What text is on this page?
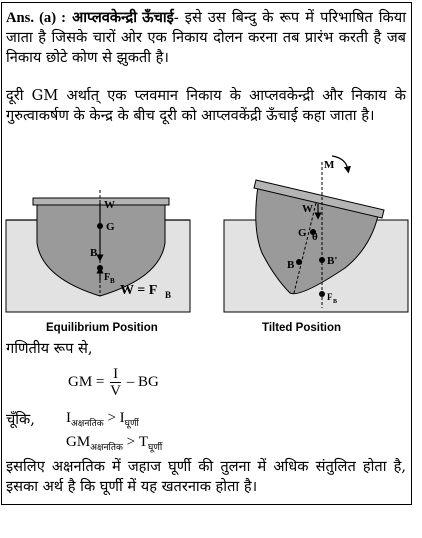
Ans. (a) : आप्लवकेन्द्री ऊँचाई- इसे उस बिन्दु के रूप में परिभाषित किया जाता है जिसके चारों ओर एक निकाय दोलन करना तब प्रारंभ करती है जब निकाय छोटे कोण से झुकती है।
दूरी GM अर्थात् एक प्लवमान निकाय के आप्लवकेन्द्री और निकाय के गुरुत्वाकर्षण के केन्द्र के बीच दूरी को आप्लवकेंद्री ऊँचाई कहा जाता है।
W
G
B
F B
W = F B
M
W
G θ
B	B'
F B
Equilibrium Position	Tilted Position
गणितीय रूप से,
GM = $\frac{I}{V}$ – BG
चूँकि,	$I_{अक्षनतिक} > I_{घूर्णी}$
$GM_{अक्षनतिक} > T_{घूर्णी}$
इसलिए अक्षनतिक में जहाज घूर्णी की तुलना में अधिक संतुलित होता है, इसका अर्थ है कि घूर्णी में यह खतरनाक होता है।
